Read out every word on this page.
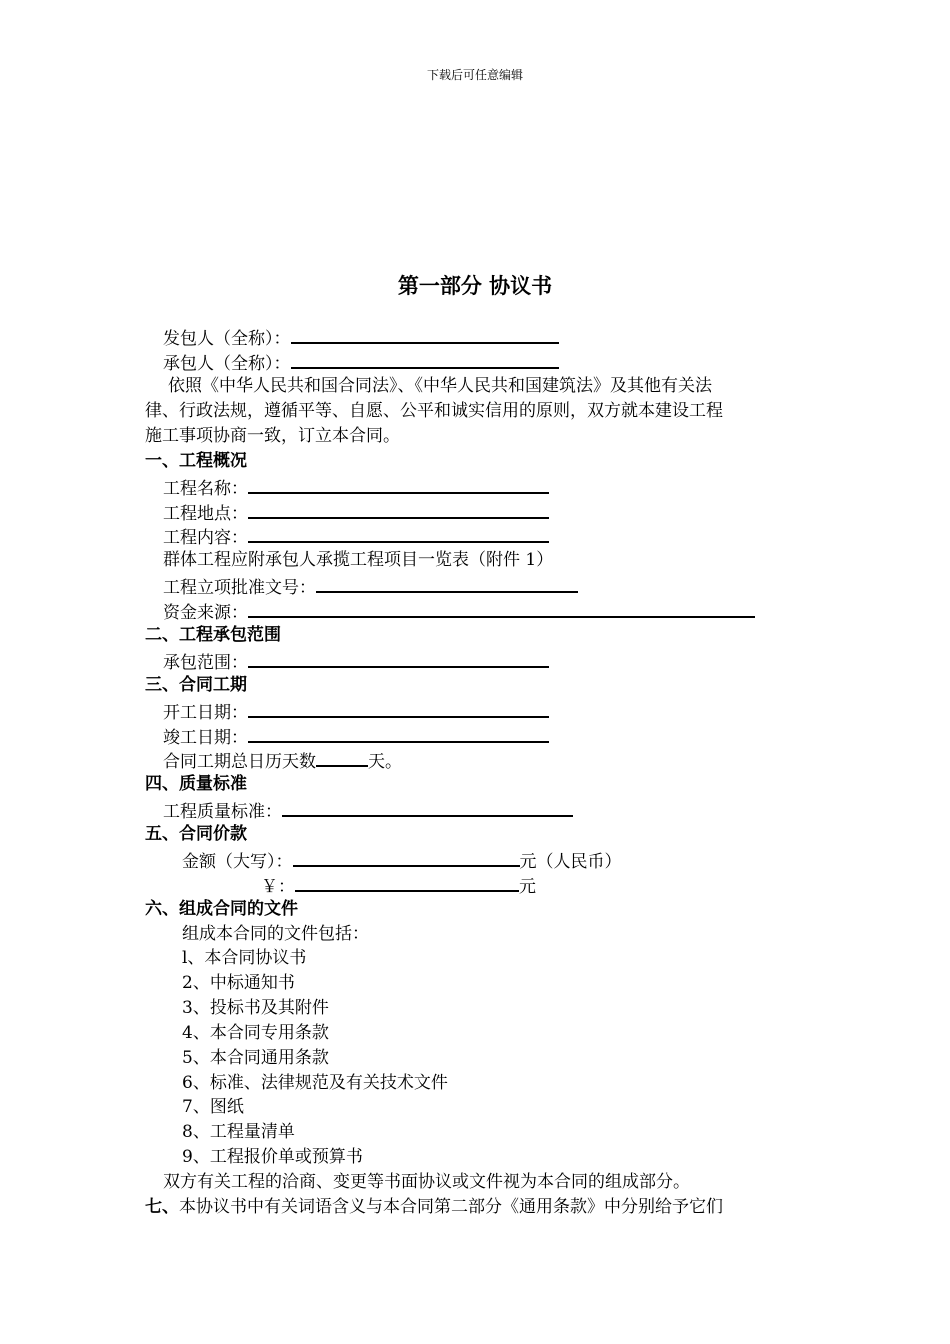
下载后可任意编辑
第一部分 协议书
发包人（全称）：
承包人（全称）：
依照《中华人民共和国合同法》、《中华人民共和国建筑法》及其他有关法
律、行政法规，遵循平等、自愿、公平和诚实信用的原则，双方就本建设工程
施工事项协商一致，订立本合同。
一、工程概况
工程名称：
工程地点：
工程内容：
群体工程应附承包人承揽工程项目一览表（附件 1）
工程立项批准文号：
资金来源：
二、工程承包范围
承包范围：
三、合同工期
开工日期：
竣工日期：
合同工期总日历天数	天。
四、质量标准
工程质量标准：
五、合同价款
金额（大写）：	元（人民币）
￥：	元
六、组成合同的文件
组成本合同的文件包括：
l、本合同协议书
2、中标通知书
3、投标书及其附件
4、本合同专用条款
5、本合同通用条款
6、标准、法律规范及有关技术文件
7、图纸
8、工程量清单
9、工程报价单或预算书
双方有关工程的洽商、变更等书面协议或文件视为本合同的组成部分。
七、本协议书中有关词语含义与本合同第二部分《通用条款》中分别给予它们
